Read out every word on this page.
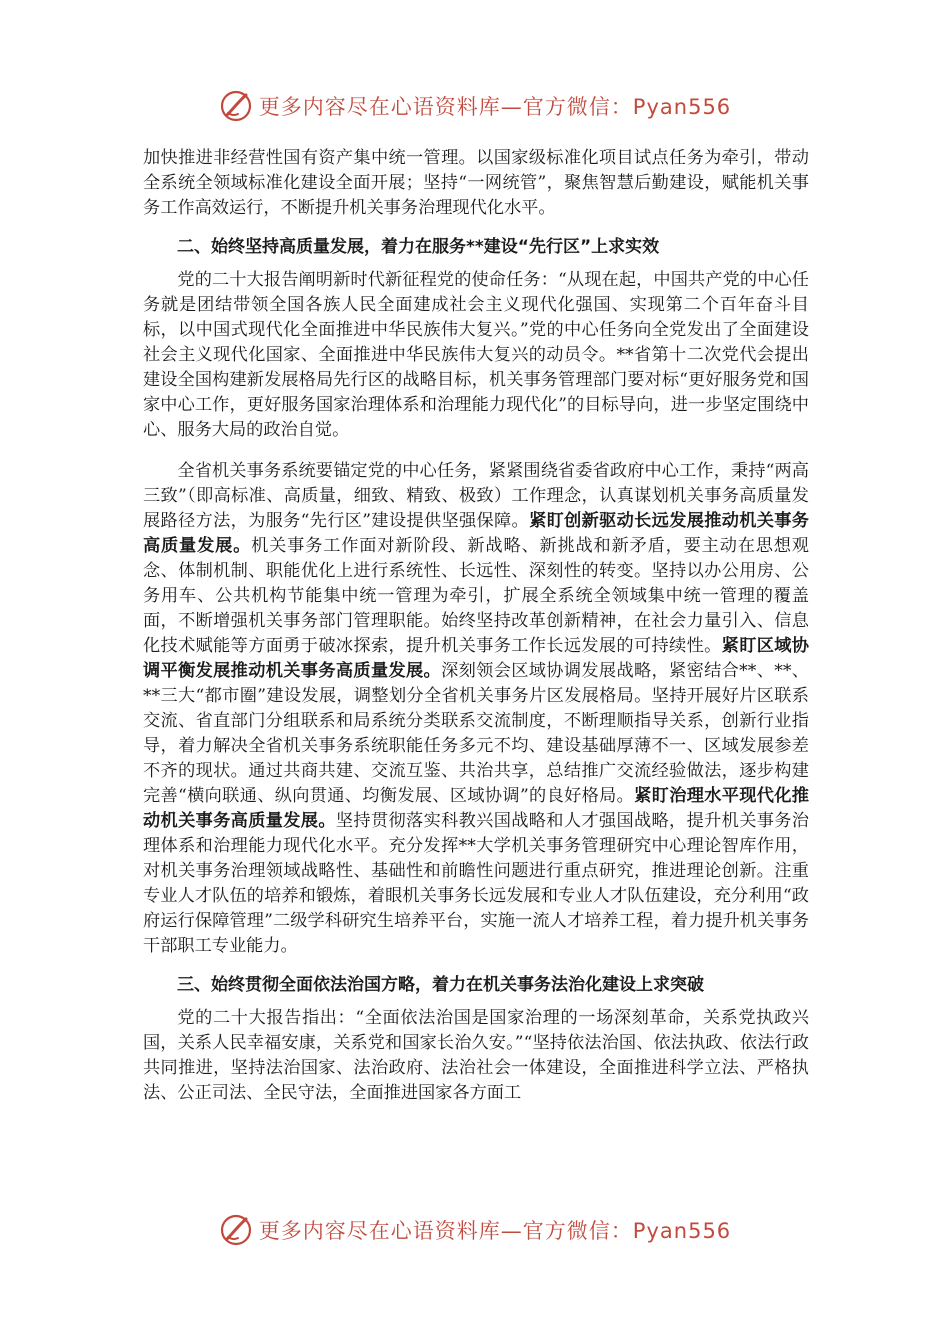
更多内容尽在心语资料库—官方微信：Pyan556

加快推进非经营性国有资产集中统一管理。以国家级标准化项目试点任务为牵引，带动全系统全领域标准化建设全面开展；坚持“一网统管”，聚焦智慧后勤建设，赋能机关事务工作高效运行，不断提升机关事务治理现代化水平。

二、始终坚持高质量发展，着力在服务**建设“先行区”上求实效

党的二十大报告阐明新时代新征程党的使命任务：“从现在起，中国共产党的中心任务就是团结带领全国各族人民全面建成社会主义现代化强国、实现第二个百年奋斗目标，以中国式现代化全面推进中华民族伟大复兴。”党的中心任务向全党发出了全面建设社会主义现代化国家、全面推进中华民族伟大复兴的动员令。**省第十二次党代会提出建设全国构建新发展格局先行区的战略目标，机关事务管理部门要对标“更好服务党和国家中心工作，更好服务国家治理体系和治理能力现代化”的目标导向，进一步坚定围绕中心、服务大局的政治自觉。

全省机关事务系统要锚定党的中心任务，紧紧围绕省委省政府中心工作，秉持“两高三致”（即高标准、高质量，细致、精致、极致）工作理念，认真谋划机关事务高质量发展路径方法，为服务“先行区”建设提供坚强保障。紧盯创新驱动长远发展推动机关事务高质量发展。机关事务工作面对新阶段、新战略、新挑战和新矛盾，要主动在思想观念、体制机制、职能优化上进行系统性、长远性、深刻性的转变。坚持以办公用房、公务用车、公共机构节能集中统一管理为牵引，扩展全系统全领域集中统一管理的覆盖面，不断增强机关事务部门管理职能。始终坚持改革创新精神，在社会力量引入、信息化技术赋能等方面勇于破冰探索，提升机关事务工作长远发展的可持续性。紧盯区域协调平衡发展推动机关事务高质量发展。深刻领会区域协调发展战略，紧密结合**、**、**三大“都市圈”建设发展，调整划分全省机关事务片区发展格局。坚持开展好片区联系交流、省直部门分组联系和局系统分类联系交流制度，不断理顺指导关系，创新行业指导，着力解决全省机关事务系统职能任务多元不均、建设基础厚薄不一、区域发展参差不齐的现状。通过共商共建、交流互鉴、共治共享，总结推广交流经验做法，逐步构建完善“横向联通、纵向贯通、均衡发展、区域协调”的良好格局。紧盯治理水平现代化推动机关事务高质量发展。坚持贯彻落实科教兴国战略和人才强国战略，提升机关事务治理体系和治理能力现代化水平。充分发挥**大学机关事务管理研究中心理论智库作用，对机关事务治理领域战略性、基础性和前瞻性问题进行重点研究，推进理论创新。注重专业人才队伍的培养和锻炼，着眼机关事务长远发展和专业人才队伍建设，充分利用“政府运行保障管理”二级学科研究生培养平台，实施一流人才培养工程，着力提升机关事务干部职工专业能力。

三、始终贯彻全面依法治国方略，着力在机关事务法治化建设上求突破

党的二十大报告指出：“全面依法治国是国家治理的一场深刻革命，关系党执政兴国，关系人民幸福安康，关系党和国家长治久安。”“坚持依法治国、依法执政、依法行政共同推进，坚持法治国家、法治政府、法治社会一体建设，全面推进科学立法、严格执法、公正司法、全民守法，全面推进国家各方面工

更多内容尽在心语资料库—官方微信：Pyan556
